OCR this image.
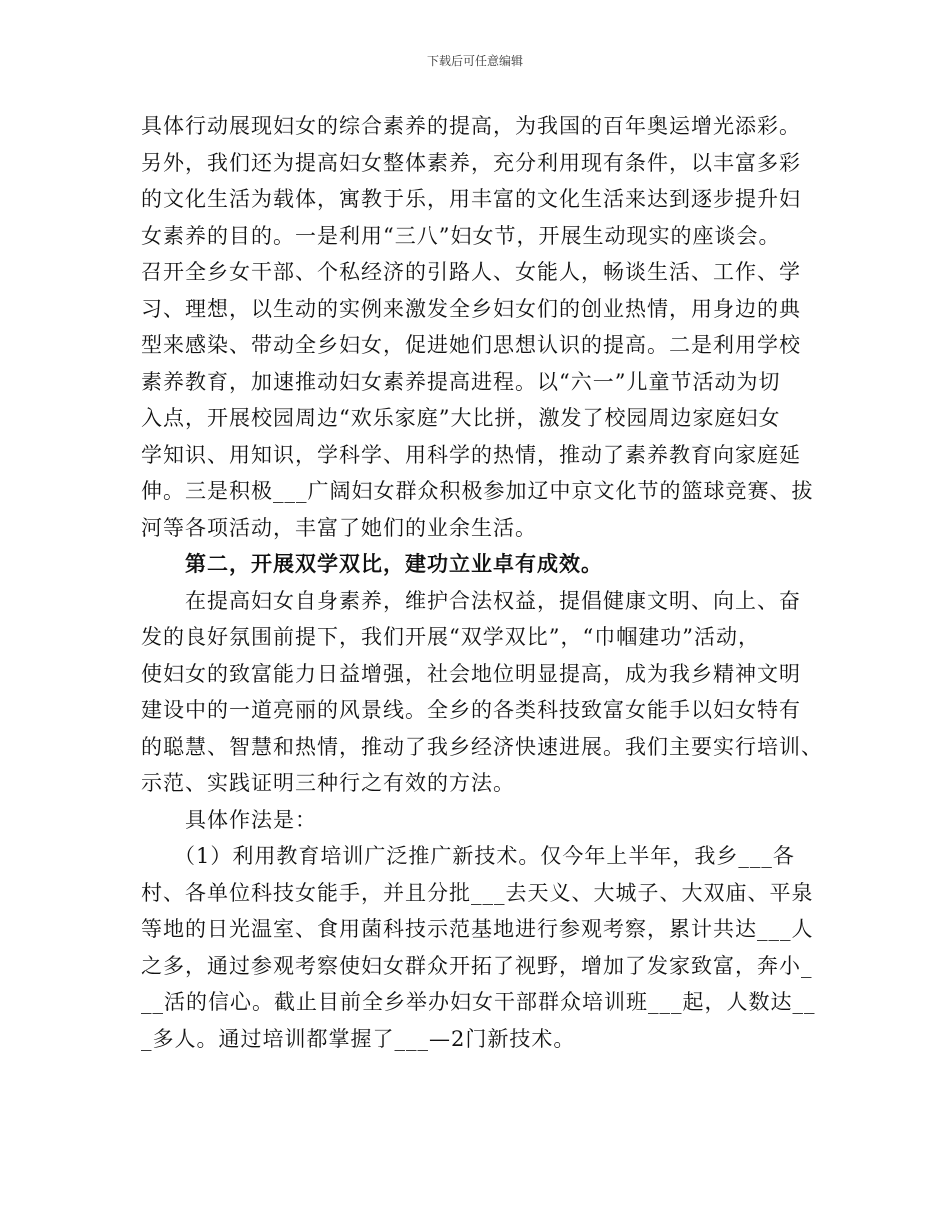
下载后可任意编辑
具体行动展现妇女的综合素养的提高，为我国的百年奥运增光添彩。
另外，我们还为提高妇女整体素养，充分利用现有条件，以丰富多彩
的文化生活为载体，寓教于乐，用丰富的文化生活来达到逐步提升妇
女素养的目的。一是利用“三八”妇女节，开展生动现实的座谈会。
召开全乡女干部、个私经济的引路人、女能人，畅谈生活、工作、学
习、理想，以生动的实例来激发全乡妇女们的创业热情，用身边的典
型来感染、带动全乡妇女，促进她们思想认识的提高。二是利用学校
素养教育，加速推动妇女素养提高进程。以“六一”儿童节活动为切
入点，开展校园周边“欢乐家庭”大比拼，激发了校园周边家庭妇女
学知识、用知识，学科学、用科学的热情，推动了素养教育向家庭延
伸。三是积极___广阔妇女群众积极参加辽中京文化节的篮球竞赛、拔
河等各项活动，丰富了她们的业余生活。
第二，开展双学双比，建功立业卓有成效。
在提高妇女自身素养，维护合法权益，提倡健康文明、向上、奋
发的良好氛围前提下，我们开展“双学双比”，“巾帼建功”活动，
使妇女的致富能力日益增强，社会地位明显提高，成为我乡精神文明
建设中的一道亮丽的风景线。全乡的各类科技致富女能手以妇女特有
的聪慧、智慧和热情，推动了我乡经济快速进展。我们主要实行培训、
示范、实践证明三种行之有效的方法。
具体作法是：
（1）利用教育培训广泛推广新技术。仅今年上半年，我乡___各
村、各单位科技女能手，并且分批___去天义、大城子、大双庙、平泉
等地的日光温室、食用菌科技示范基地进行参观考察，累计共达___人
之多，通过参观考察使妇女群众开拓了视野，增加了发家致富，奔小_
__活的信心。截止目前全乡举办妇女干部群众培训班___起，人数达__
_多人。通过培训都掌握了___—2门新技术。
